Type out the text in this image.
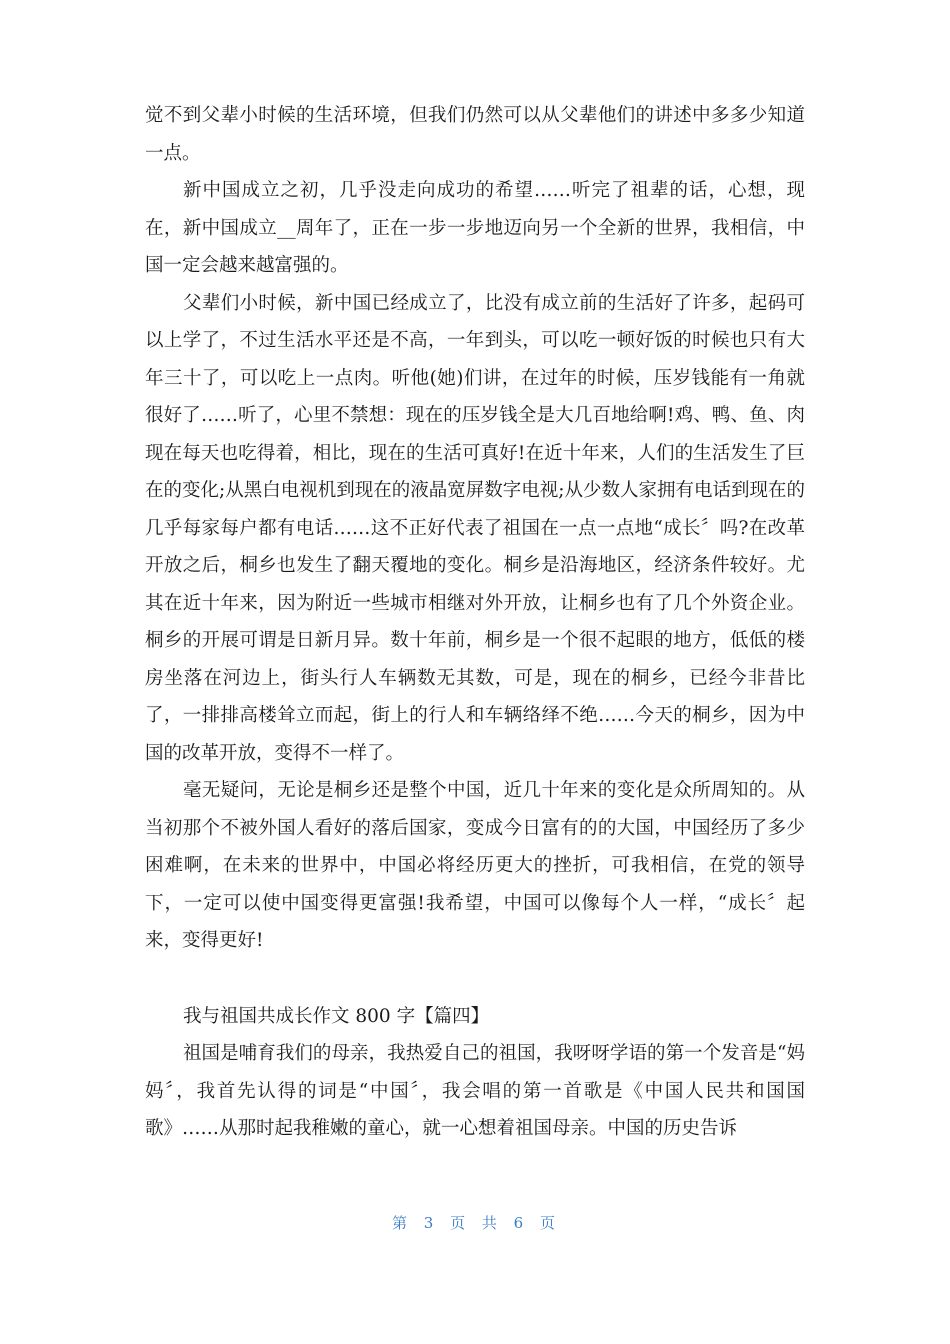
觉不到父辈小时候的生活环境，但我们仍然可以从父辈他们的讲述中多多少知道一点。

新中国成立之初，几乎没走向成功的希望……听完了祖辈的话，心想，现在，新中国成立__周年了，正在一步一步地迈向另一个全新的世界，我相信，中国一定会越来越富强的。

父辈们小时候，新中国已经成立了，比没有成立前的生活好了许多，起码可以上学了，不过生活水平还是不高，一年到头，可以吃一顿好饭的时候也只有大年三十了，可以吃上一点肉。听他(她)们讲，在过年的时候，压岁钱能有一角就很好了……听了，心里不禁想：现在的压岁钱全是大几百地给啊!鸡、鸭、鱼、肉现在每天也吃得着，相比，现在的生活可真好!在近十年来，人们的生活发生了巨在的变化;从黑白电视机到现在的液晶宽屏数字电视;从少数人家拥有电话到现在的几乎每家每户都有电话……这不正好代表了祖国在一点一点地“成长〞吗?在改革开放之后，桐乡也发生了翻天覆地的变化。桐乡是沿海地区，经济条件较好。尤其在近十年来，因为附近一些城市相继对外开放，让桐乡也有了几个外资企业。桐乡的开展可谓是日新月异。数十年前，桐乡是一个很不起眼的地方，低低的楼房坐落在河边上，街头行人车辆数无其数，可是，现在的桐乡，已经今非昔比了，一排排高楼耸立而起，街上的行人和车辆络绎不绝……今天的桐乡，因为中国的改革开放，变得不一样了。

毫无疑问，无论是桐乡还是整个中国，近几十年来的变化是众所周知的。从当初那个不被外国人看好的落后国家，变成今日富有的的大国，中国经历了多少困难啊，在未来的世界中，中国必将经历更大的挫折，可我相信，在党的领导下，一定可以使中国变得更富强!我希望，中国可以像每个人一样，“成长〞起来，变得更好!

我与祖国共成长作文 800 字【篇四】

祖国是哺育我们的母亲，我热爱自己的祖国，我呀呀学语的第一个发音是“妈妈〞，我首先认得的词是“中国〞，我会唱的第一首歌是《中国人民共和国国歌》……从那时起我稚嫩的童心，就一心想着祖国母亲。中国的历史告诉

第 3 页 共 6 页
